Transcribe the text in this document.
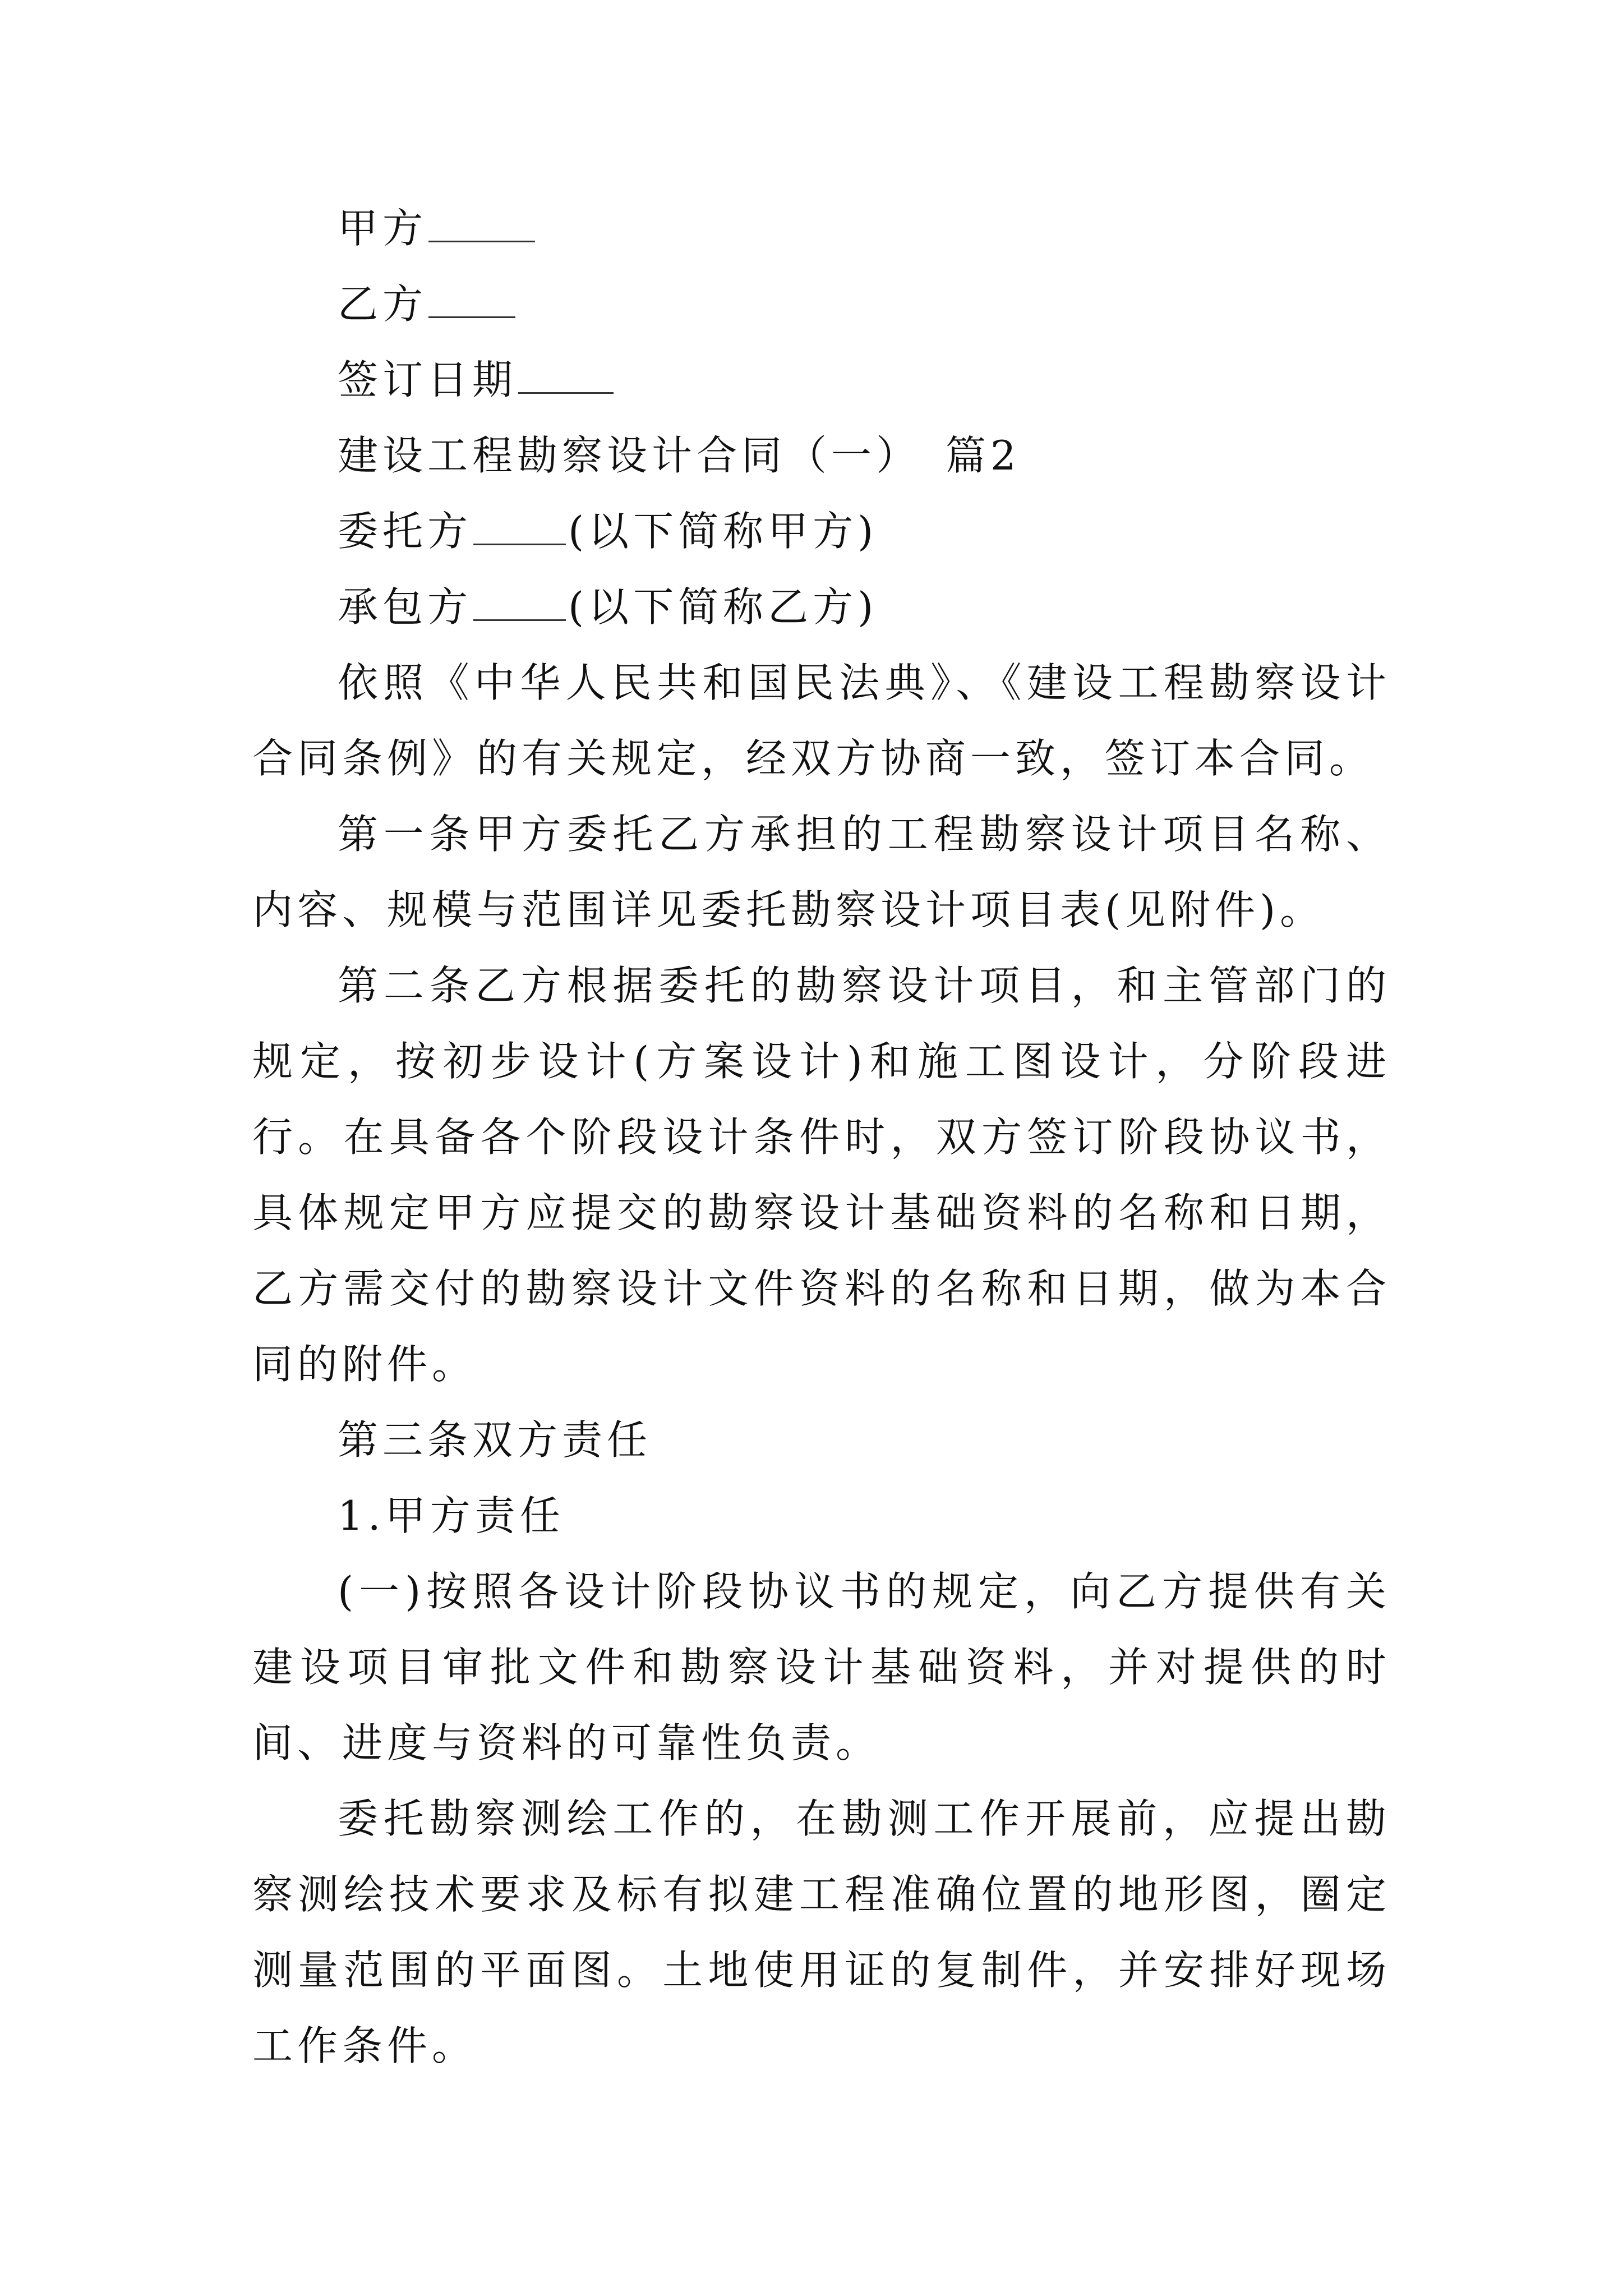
甲方
乙方
签订日期
建设工程勘察设计合同（一）　篇2
委托方 (以下简称甲方)
承包方 (以下简称乙方)

依照《中华人民共和国民法典》、《建设工程勘察设计合同条例》的有关规定，经双方协商一致，签订本合同。

第一条甲方委托乙方承担的工程勘察设计项目名称、内容、规模与范围详见委托勘察设计项目表(见附件)。

第二条乙方根据委托的勘察设计项目，和主管部门的规定，按初步设计(方案设计)和施工图设计，分阶段进行。在具备各个阶段设计条件时，双方签订阶段协议书，具体规定甲方应提交的勘察设计基础资料的名称和日期，乙方需交付的勘察设计文件资料的名称和日期，做为本合同的附件。

第三条双方责任
1.甲方责任

(一)按照各设计阶段协议书的规定，向乙方提供有关建设项目审批文件和勘察设计基础资料，并对提供的时间、进度与资料的可靠性负责。

委托勘察测绘工作的，在勘测工作开展前，应提出勘察测绘技术要求及标有拟建工程准确位置的地形图，圈定测量范围的平面图。土地使用证的复制件，并安排好现场工作条件。
